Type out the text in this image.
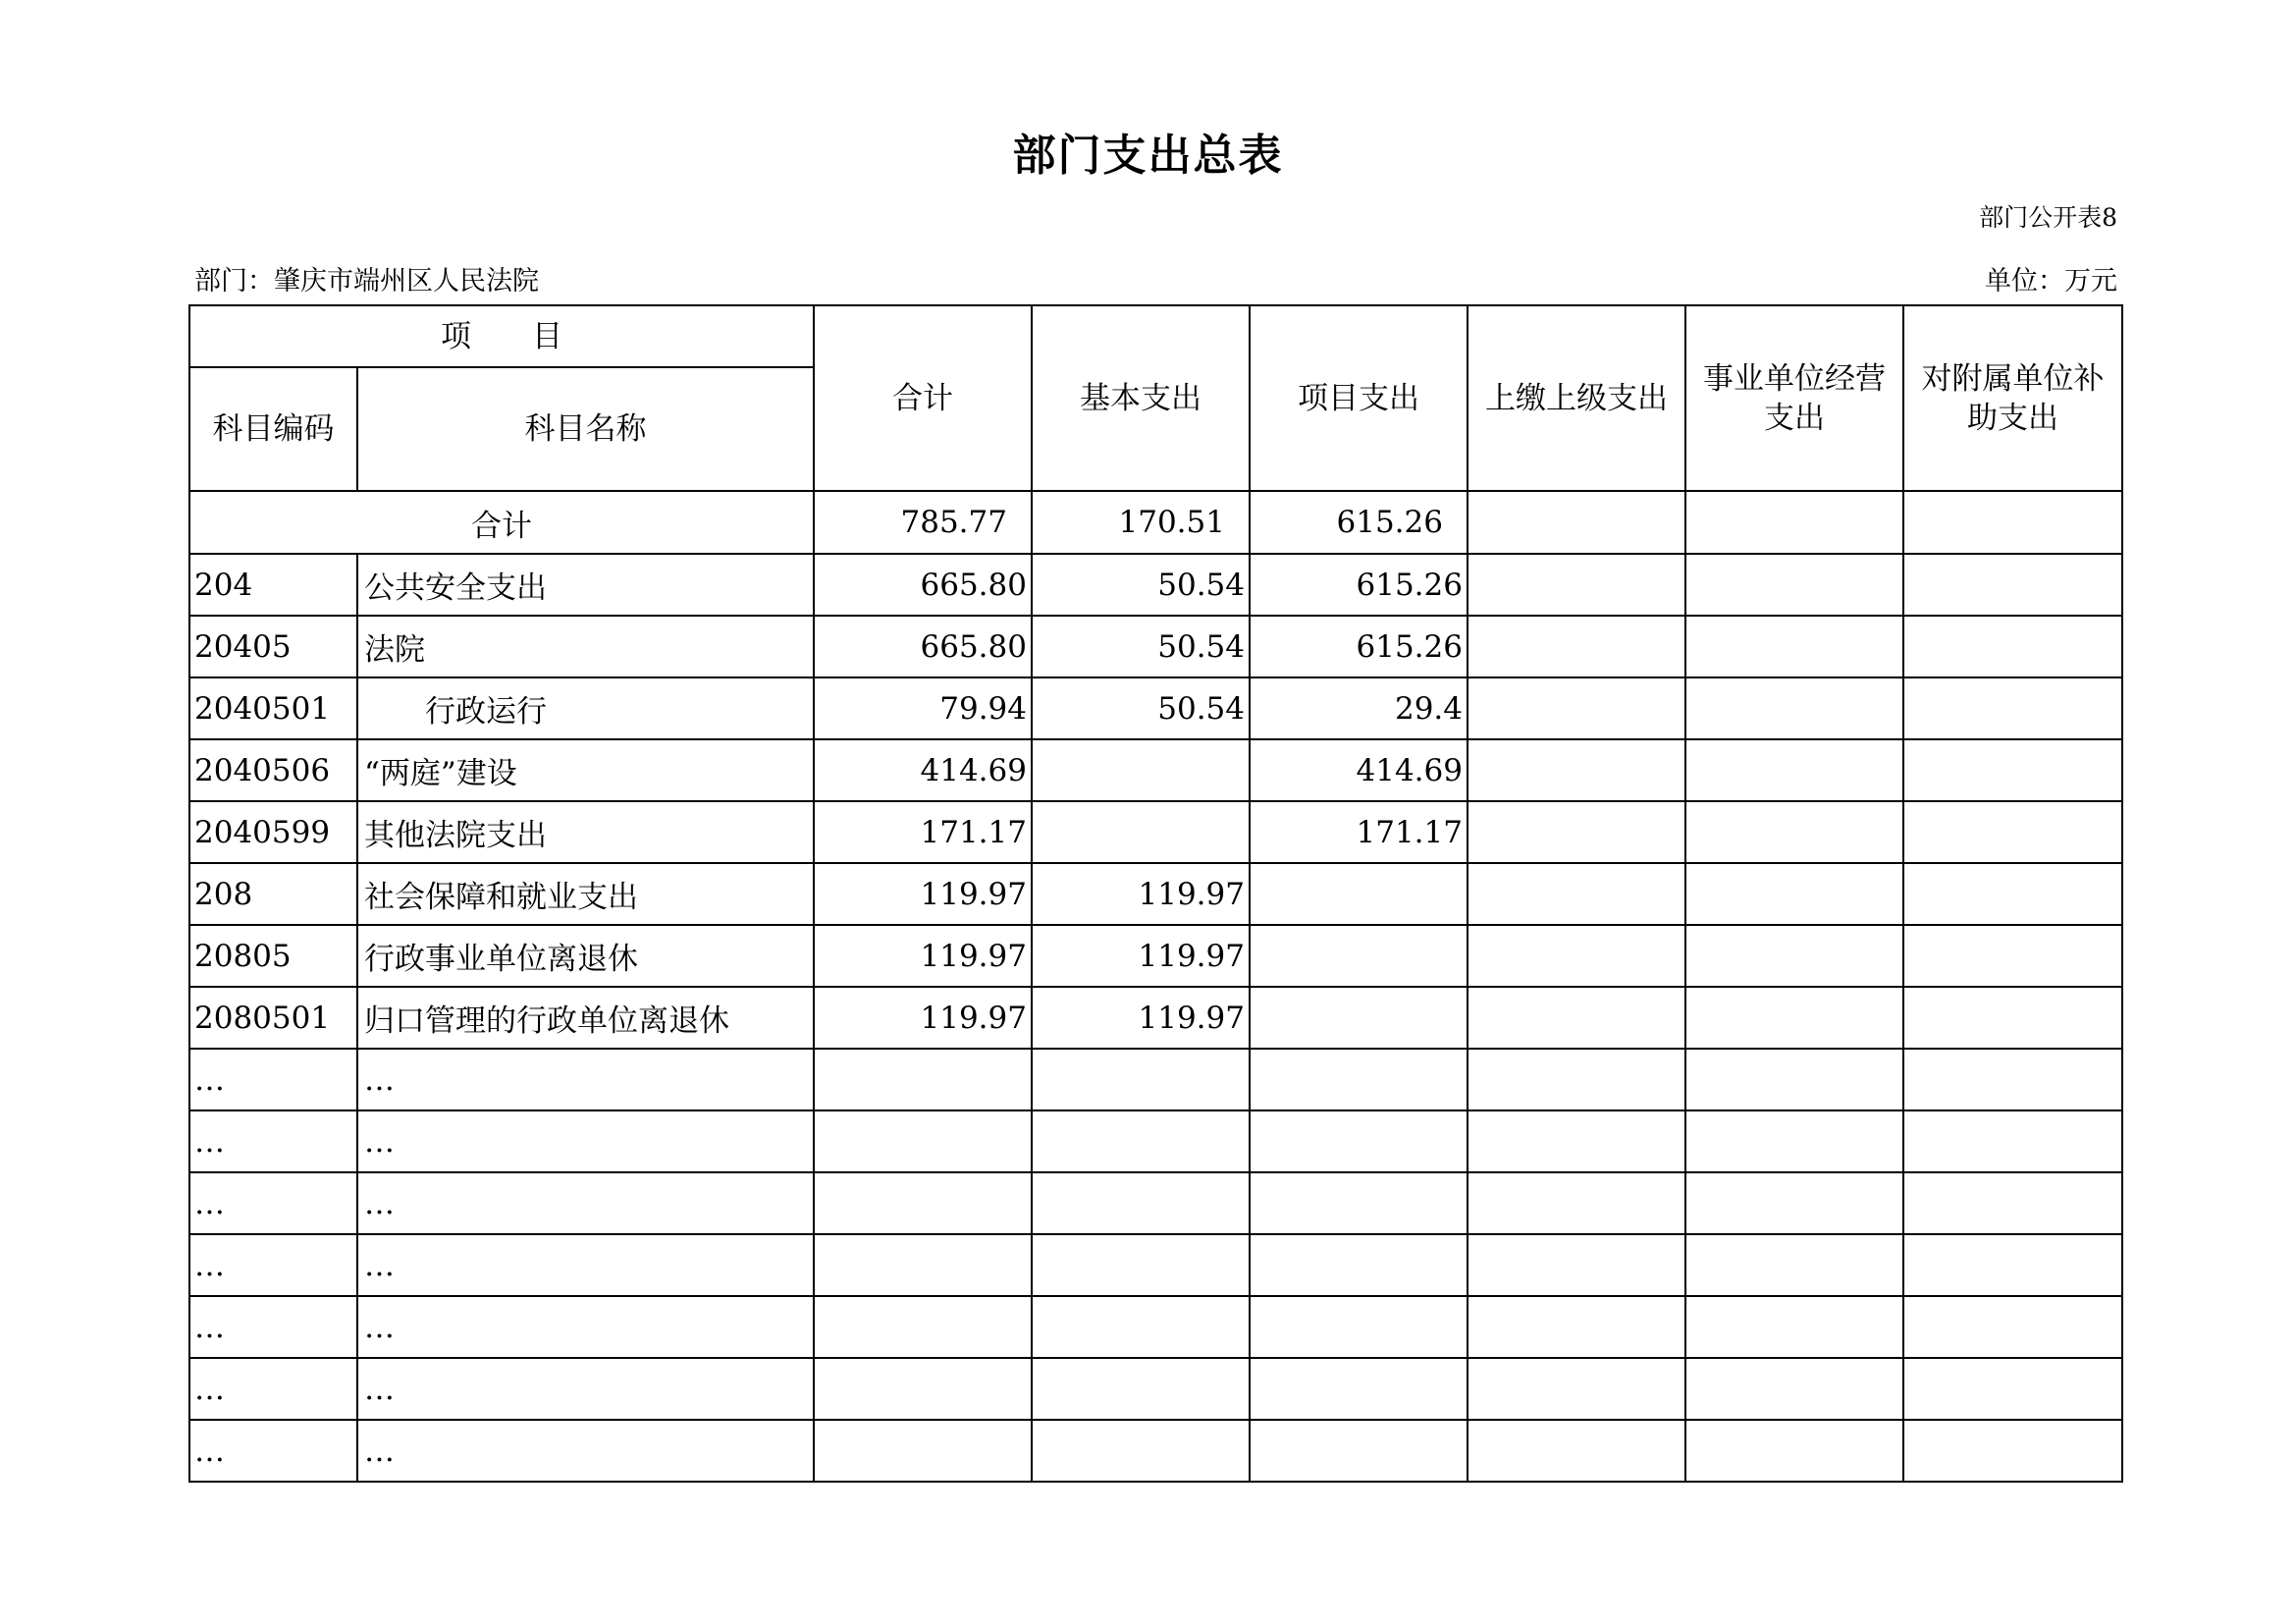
部门支出总表
部门公开表8
部门：肇庆市端州区人民法院	单位：万元
项　　目		合计	基本支出	项目支出	上缴上级支出	事业单位经营支出	对附属单位补助支出
科目编码	科目名称						
合计		785.77	170.51	615.26			
204	公共安全支出	665.80	50.54	615.26			
20405	法院	665.80	50.54	615.26			
2040501	行政运行	79.94	50.54	29.4			
2040506	“两庭”建设	414.69		414.69			
2040599	其他法院支出	171.17		171.17			
208	社会保障和就业支出	119.97	119.97				
20805	行政事业单位离退休	119.97	119.97				
2080501	归口管理的行政单位离退休	119.97	119.97				
…	…						
…	…						
…	…						
…	…						
…	…						
…	…						
…	…						
